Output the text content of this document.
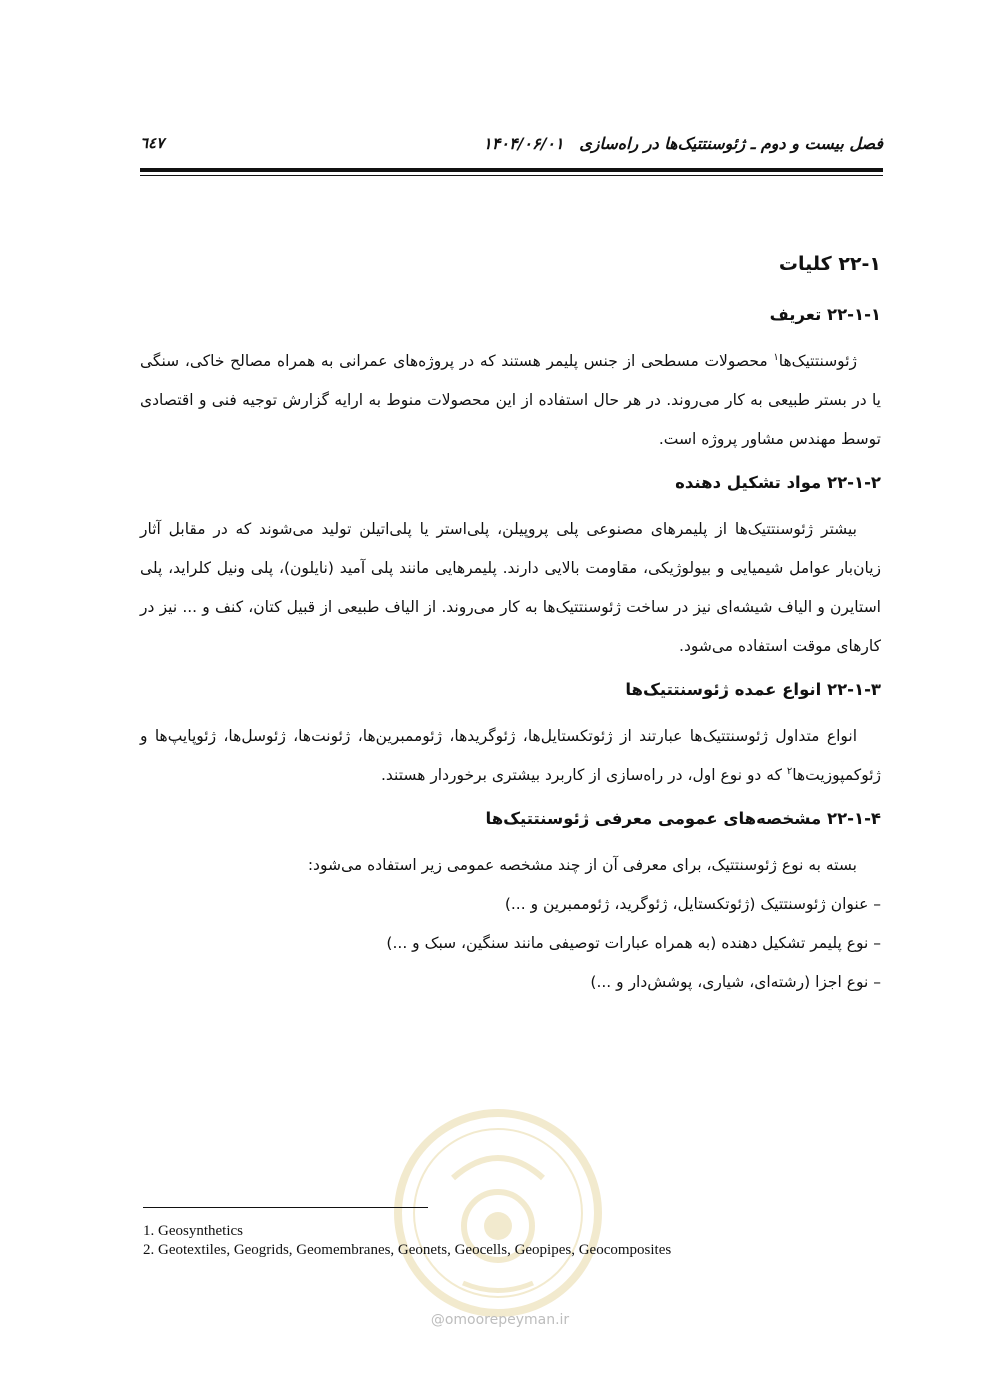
فصل بیست و دوم ـ ژئوسنتتیک‌ها در راه‌سازی ۱۴۰۴/۰۶/۰۱
٦٤٧
۲۲-۱ کلیات
۲۲-۱-۱ تعریف

ژئوسنتتیک‌ها$^۱$ محصولات مسطحی از جنس پلیمر هستند که در پروژه‌های عمرانی به همراه مصالح خاکی، سنگی یا در بستر طبیعی به کار می‌روند. در هر حال استفاده از این محصولات منوط به ارایه گزارش توجیه فنی و اقتصادی توسط مهندس مشاور پروژه است.

۲۲-۱-۲ مواد تشکیل دهنده

بیشتر ژئوسنتتیک‌ها از پلیمرهای مصنوعی پلی پروپیلن، پلی‌استر یا پلی‌اتیلن تولید می‌شوند که در مقابل آثار زیان‌بار عوامل شیمیایی و بیولوژیکی، مقاومت بالایی دارند. پلیمرهایی مانند پلی آمید (نایلون)، پلی ونیل کلراید، پلی استایرن و الیاف شیشه‌ای نیز در ساخت ژئوسنتتیک‌ها به کار می‌روند. از الیاف طبیعی از قبیل کتان، کنف و ... نیز در کارهای موقت استفاده می‌شود.

۲۲-۱-۳ انواع عمده ژئوسنتتیک‌ها

انواع متداول ژئوسنتتیک‌ها عبارتند از ژئوتکستایل‌ها، ژئوگریدها، ژئوممبرین‌ها، ژئونت‌ها، ژئوسل‌ها، ژئوپایپ‌ها و ژئوکمپوزیت‌ها$^۲$ که دو نوع اول، در راه‌سازی از کاربرد بیشتری برخوردار هستند.

۲۲-۱-۴ مشخصه‌های عمومی معرفی ژئوسنتتیک‌ها

بسته به نوع ژئوسنتتیک، برای معرفی آن از چند مشخصه عمومی زیر استفاده می‌شود:

– عنوان ژئوسنتتیک (ژئوتکستایل، ژئوگرید، ژئوممبرین و ...)
– نوع پلیمر تشکیل دهنده (به همراه عبارات توصیفی مانند سنگین، سبک و ...)
– نوع اجزا (رشته‌ای، شیاری، پوشش‌دار و ...)
@omoorepeyman.ir
1. Geosynthetics
2. Geotextiles, Geogrids, Geomembranes, Geonets, Geocells, Geopipes, Geocomposites
